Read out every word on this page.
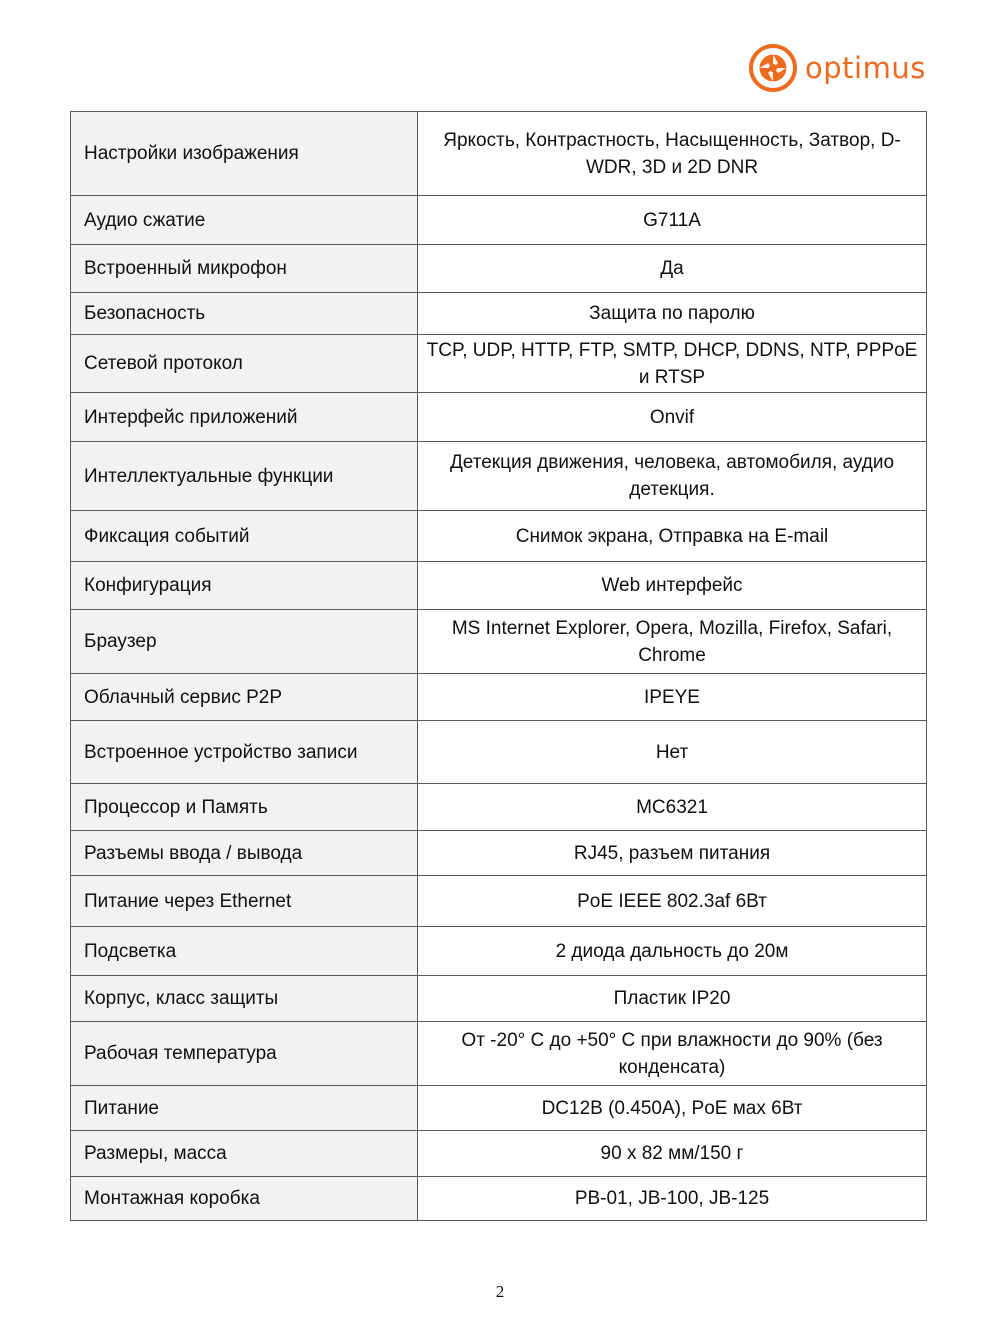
optimus
Настройки изображения	Яркость, Контрастность, Насыщенность, Затвор, D-WDR, 3D и 2D DNR
Аудио сжатие	G711A
Встроенный микрофон	Да
Безопасность	Защита по паролю
Сетевой протокол	TCP, UDP, HTTP, FTP, SMTP, DHCP, DDNS, NTP, PPPoE и RTSP
Интерфейс приложений	Onvif
Интеллектуальные функции	Детекция движения, человека, автомобиля, аудио детекция.
Фиксация событий	Снимок экрана, Отправка на E-mail
Конфигурация	Web интерфейс
Браузер	MS Internet Explorer, Opera, Mozilla, Firefox, Safari, Chrome
Облачный сервис P2P	IPEYE
Встроенное устройство записи	Нет
Процессор и Память	MC6321
Разъемы ввода / вывода	RJ45, разъем питания
Питание через Ethernet	PoE IEEE 802.3af 6Вт
Подсветка	2 диода дальность до 20м
Корпус, класс защиты	Пластик IP20
Рабочая температура	От -20° С до +50° С при влажности до 90% (без конденсата)
Питание	DC12В (0.450А), PoE мах 6Вт
Размеры, масса	90 х 82 мм/150 г
Монтажная коробка	PB-01, JB-100, JB-125
2
